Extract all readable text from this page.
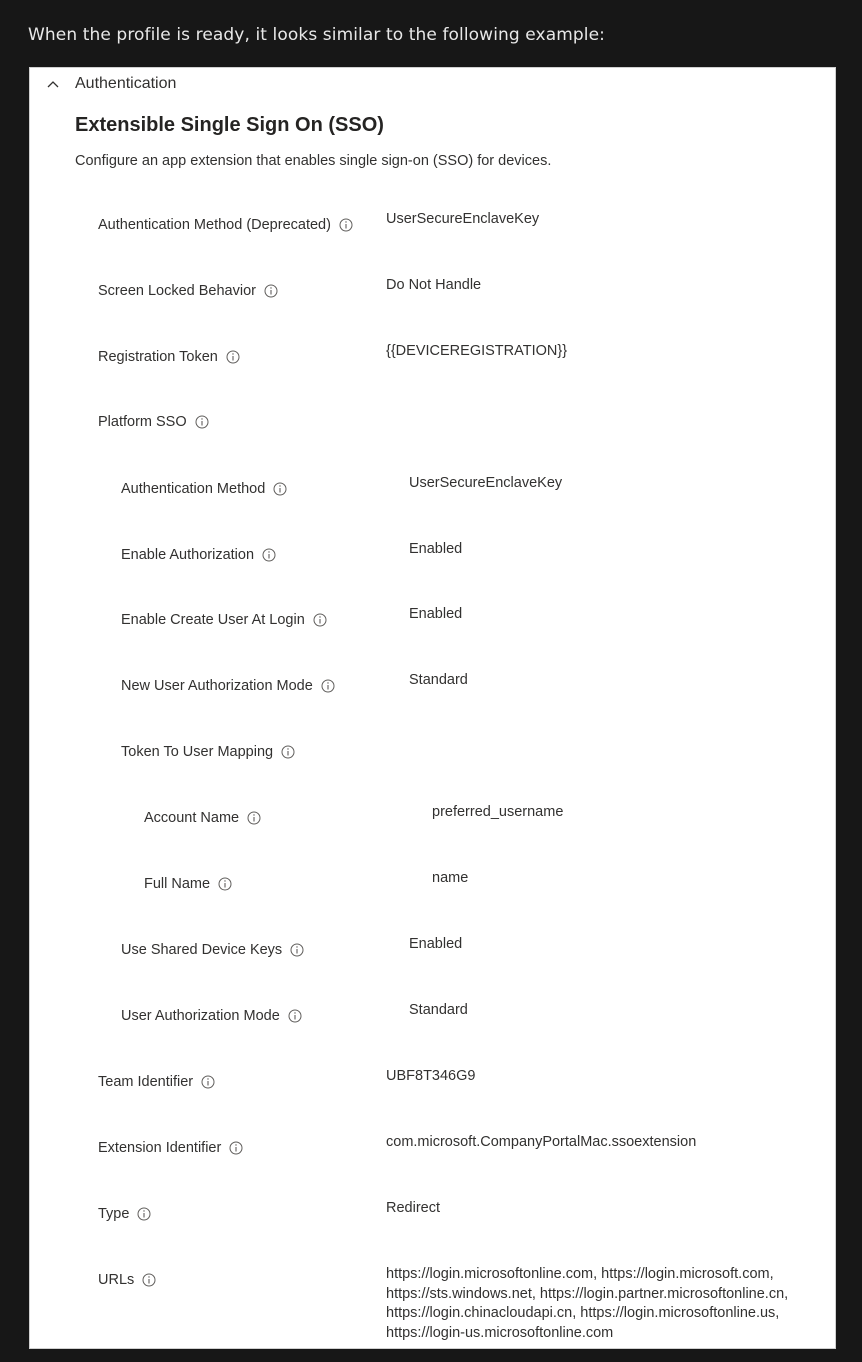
When the profile is ready, it looks similar to the following example:
Authentication
Extensible Single Sign On (SSO)
Configure an app extension that enables single sign-on (SSO) for devices.
Authentication Method (Deprecated)	UserSecureEnclaveKey
Screen Locked Behavior	Do Not Handle
Registration Token	{{DEVICEREGISTRATION}}
Platform SSO
Authentication Method	UserSecureEnclaveKey
Enable Authorization	Enabled
Enable Create User At Login	Enabled
New User Authorization Mode	Standard
Token To User Mapping
Account Name	preferred_username
Full Name	name
Use Shared Device Keys	Enabled
User Authorization Mode	Standard
Team Identifier	UBF8T346G9
Extension Identifier	com.microsoft.CompanyPortalMac.ssoextension
Type	Redirect
URLs	https://login.microsoftonline.com, https://login.microsoft.com, https://sts.windows.net, https://login.partner.microsoftonline.cn, https://login.chinacloudapi.cn, https://login.microsoftonline.us, https://login-us.microsoftonline.com
